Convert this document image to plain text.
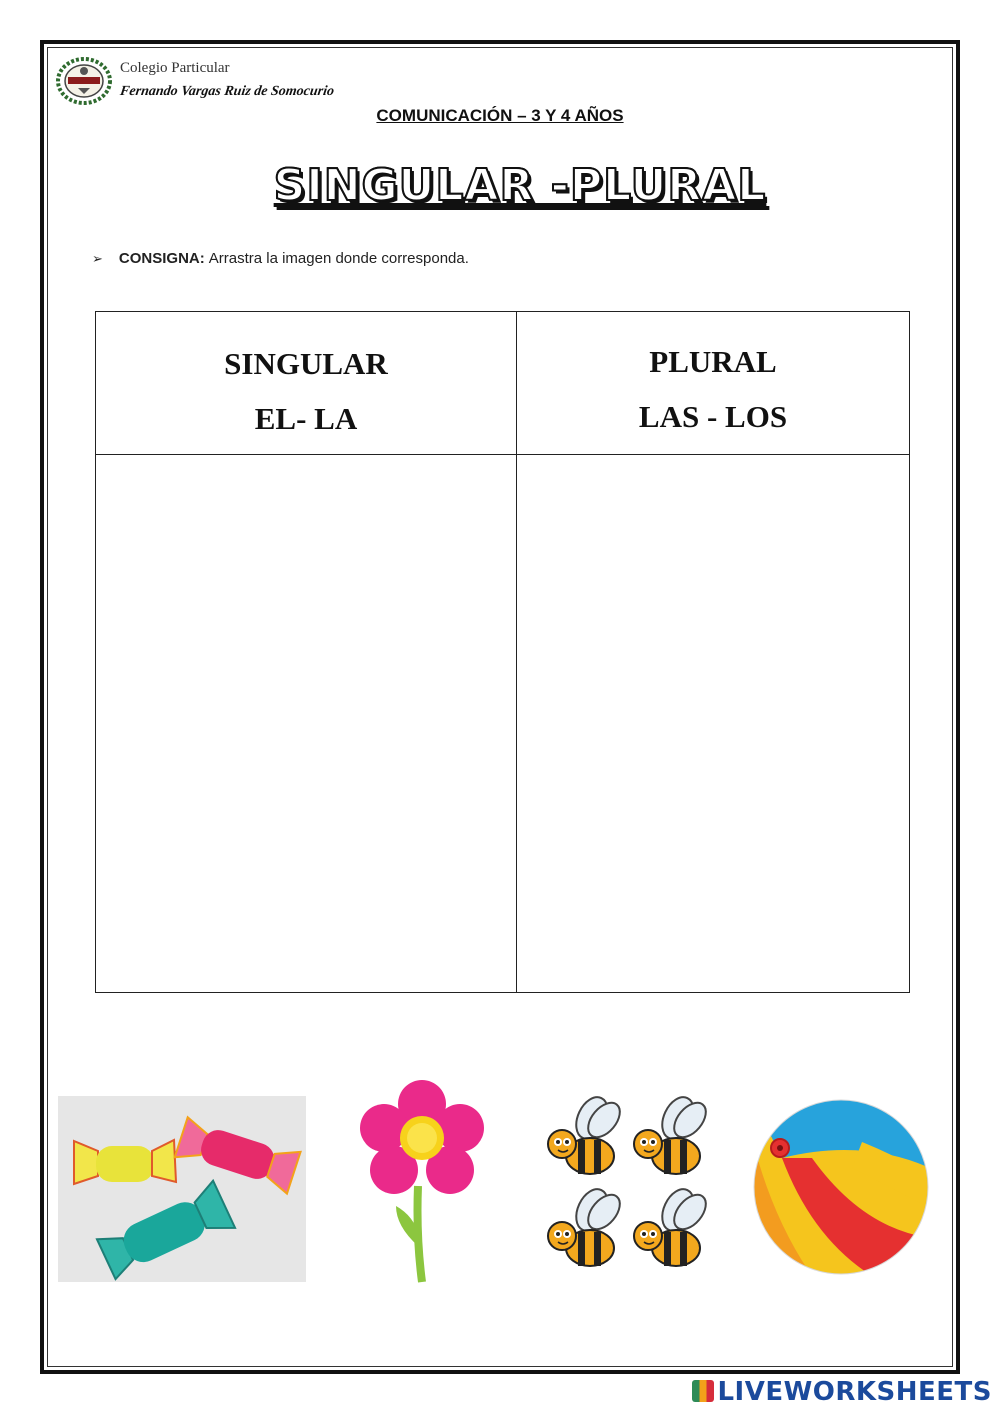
Colegio Particular
Fernando Vargas Ruiz de Somocurio
COMUNICACIÓN – 3 Y 4 AÑOS
SINGULAR -PLURAL
➢ CONSIGNA: Arrastra la imagen donde corresponda.
SINGULAR
EL- LA
PLURAL
LAS - LOS
LIVEWORKSHEETS
